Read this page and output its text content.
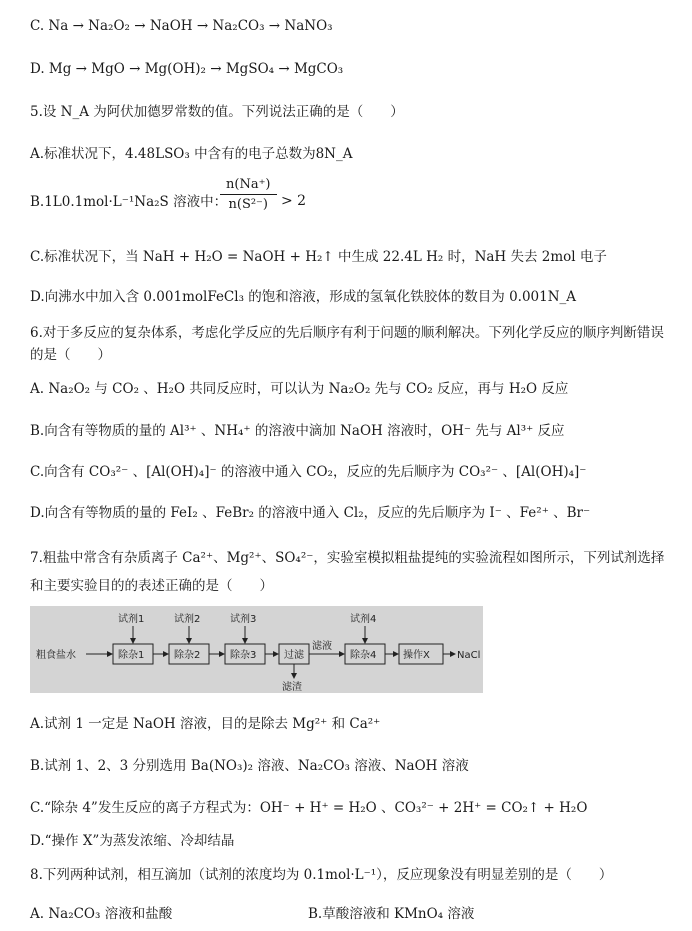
C. Na → Na₂O₂ → NaOH → Na₂CO₃ → NaNO₃
D. Mg → MgO → Mg(OH)₂ → MgSO₄ → MgCO₃
5.设 N_A 为阿伏加德罗常数的值。下列说法正确的是（　　）
A.标准状况下，4.48LSO₃ 中含有的电子总数为8N_A
B.1L0.1mol·L⁻¹Na₂S 溶液中：
$\frac{n(Na^+)}{\text{n(S²⁻)}} > 2$
C.标准状况下，当 NaH + H₂O = NaOH + H₂↑ 中生成 22.4L H₂ 时，NaH 失去 2mol 电子
D.向沸水中加入含 0.001molFeCl₃ 的饱和溶液，形成的氢氧化铁胶体的数目为 0.001N_A
6.对于多反应的复杂体系，考虑化学反应的先后顺序有利于问题的顺利解决。下列化学反应的顺序判断错误的是（　　）
A. Na₂O₂ 与 CO₂ 、H₂O 共同反应时，可以认为 Na₂O₂ 先与 CO₂ 反应，再与 H₂O 反应
B.向含有等物质的量的 Al³⁺ 、NH₄⁺ 的溶液中滴加 NaOH 溶液时，OH⁻ 先与 Al³⁺ 反应
C.向含有 CO₃²⁻ 、[Al(OH)₄]⁻ 的溶液中通入 CO₂，反应的先后顺序为 CO₃²⁻ 、[Al(OH)₄]⁻
D.向含有等物质的量的 FeI₂ 、FeBr₂ 的溶液中通入 Cl₂，反应的先后顺序为 I⁻ 、Fe²⁺ 、Br⁻
7.粗盐中常含有杂质离子 Ca²⁺、Mg²⁺、SO₄²⁻，实验室模拟粗盐提纯的实验流程如图所示，下列试剂选择和主要实验目的的表述正确的是（　　）
粗食盐水	除杂1	除杂2	除杂3	过滤
滤液
滤渣
除杂4	操作X	NaCl
试剂1	试剂2	试剂3	试剂4
A.试剂 1 一定是 NaOH 溶液，目的是除去 Mg²⁺ 和 Ca²⁺
B.试剂 1、2、3 分别选用 Ba(NO₃)₂ 溶液、Na₂CO₃ 溶液、NaOH 溶液
C.“除杂 4”发生反应的离子方程式为：OH⁻ + H⁺ = H₂O 、CO₃²⁻ + 2H⁺ = CO₂↑ + H₂O
D.“操作 X”为蒸发浓缩、冷却结晶
8.下列两种试剂，相互滴加（试剂的浓度均为 0.1mol·L⁻¹），反应现象没有明显差别的是（　　）
A. Na₂CO₃ 溶液和盐酸	B.草酸溶液和 KMnO₄ 溶液
